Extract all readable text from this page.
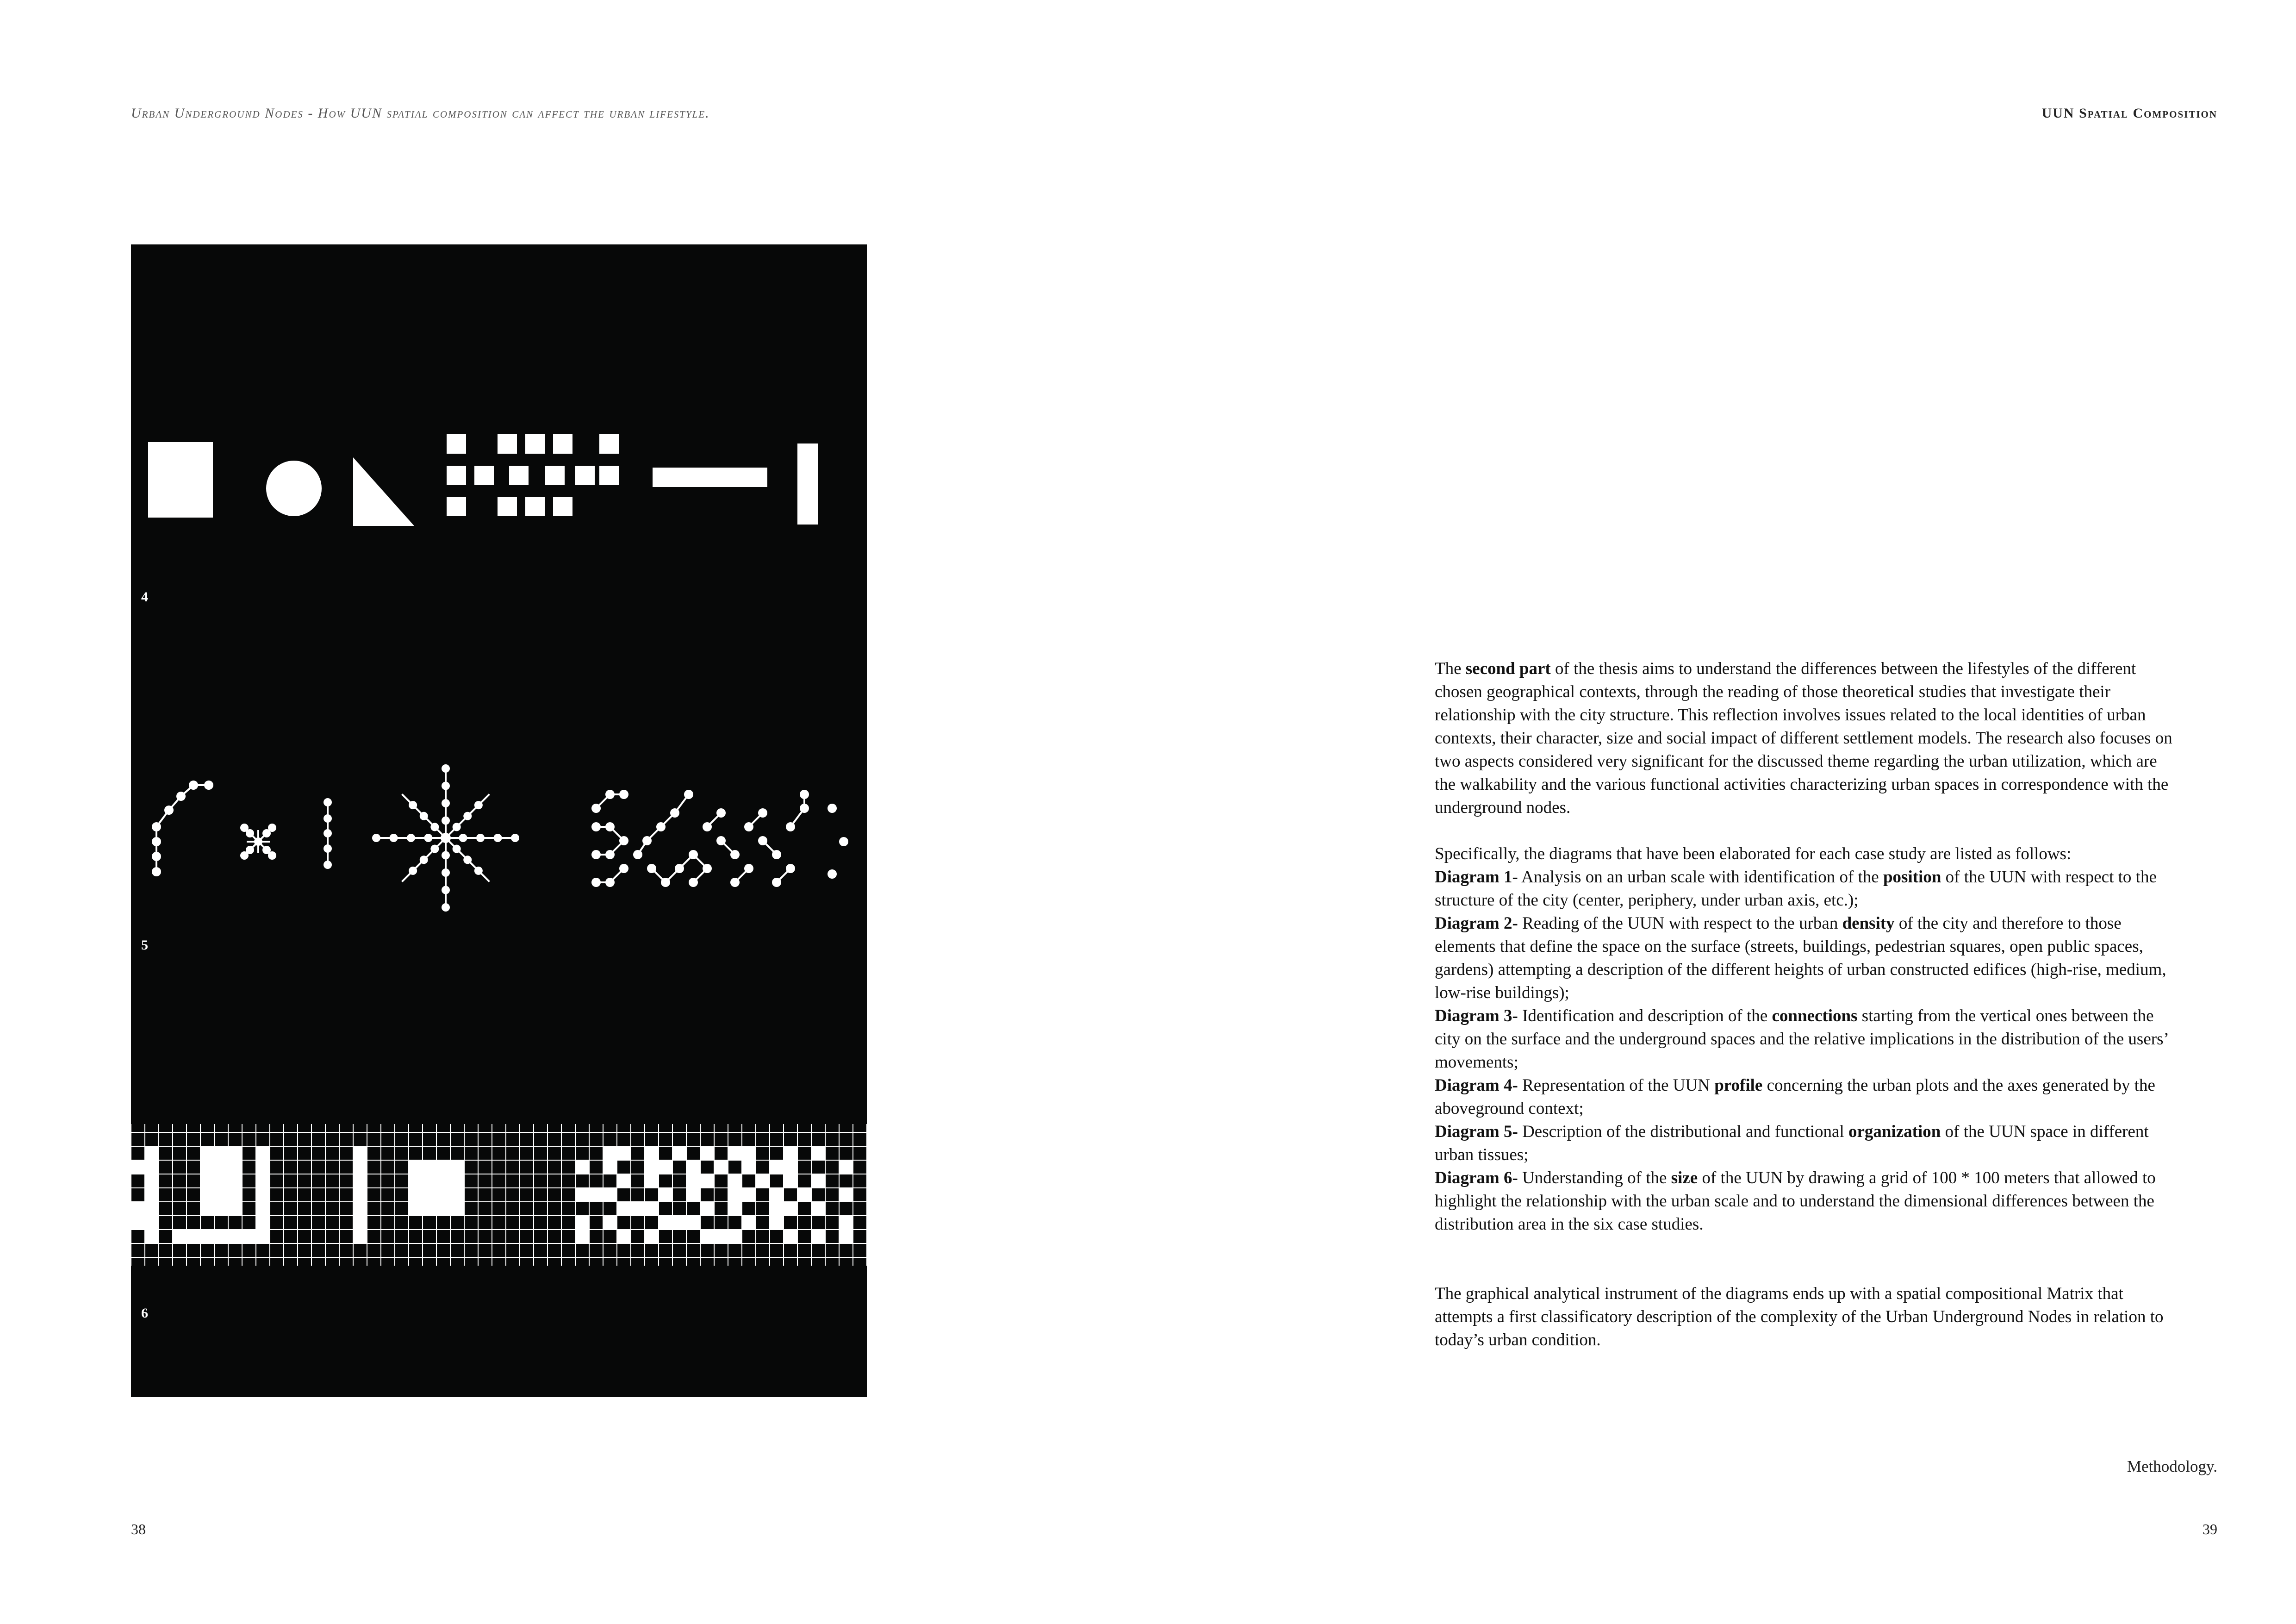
Urban Underground Nodes - How UUN spatial composition can affect the urban lifestyle.
4
5
6
38
UUN Spatial Composition

The second part of the thesis aims to understand the differences between the lifestyles of the different chosen geographical contexts, through the reading of those theoretical studies that investigate their relationship with the city structure. This reflection involves issues related to the local identities of urban contexts, their character, size and social impact of different settlement models. The research also focuses on two aspects considered very significant for the discussed theme regarding the urban utilization, which are the walkability and the various functional activities characterizing urban spaces in correspondence with the underground nodes.

Specifically, the diagrams that have been elaborated for each case study are listed as follows:

Diagram 1- Analysis on an urban scale with identification of the position of the UUN with respect to the structure of the city (center, periphery, under urban axis, etc.);

Diagram 2- Reading of the UUN with respect to the urban density of the city and therefore to those elements that define the space on the surface (streets, buildings, pedestrian squares, open public spaces, gardens) attempting a description of the different heights of urban constructed edifices (high-rise, medium, low-rise buildings);

Diagram 3- Identification and description of the connections starting from the vertical ones between the city on the surface and the underground spaces and the relative implications in the distribution of the users’ movements;

Diagram 4- Representation of the UUN profile concerning the urban plots and the axes generated by the aboveground context;

Diagram 5- Description of the distributional and functional organization of the UUN space in different urban tissues;

Diagram 6- Understanding of the size of the UUN by drawing a grid of 100 * 100 meters that allowed to highlight the relationship with the urban scale and to understand the dimensional differences between the distribution area in the six case studies.

The graphical analytical instrument of the diagrams ends up with a spatial compositional Matrix that attempts a first classificatory description of the complexity of the Urban Underground Nodes in relation to today’s urban condition.

Methodology.
39
